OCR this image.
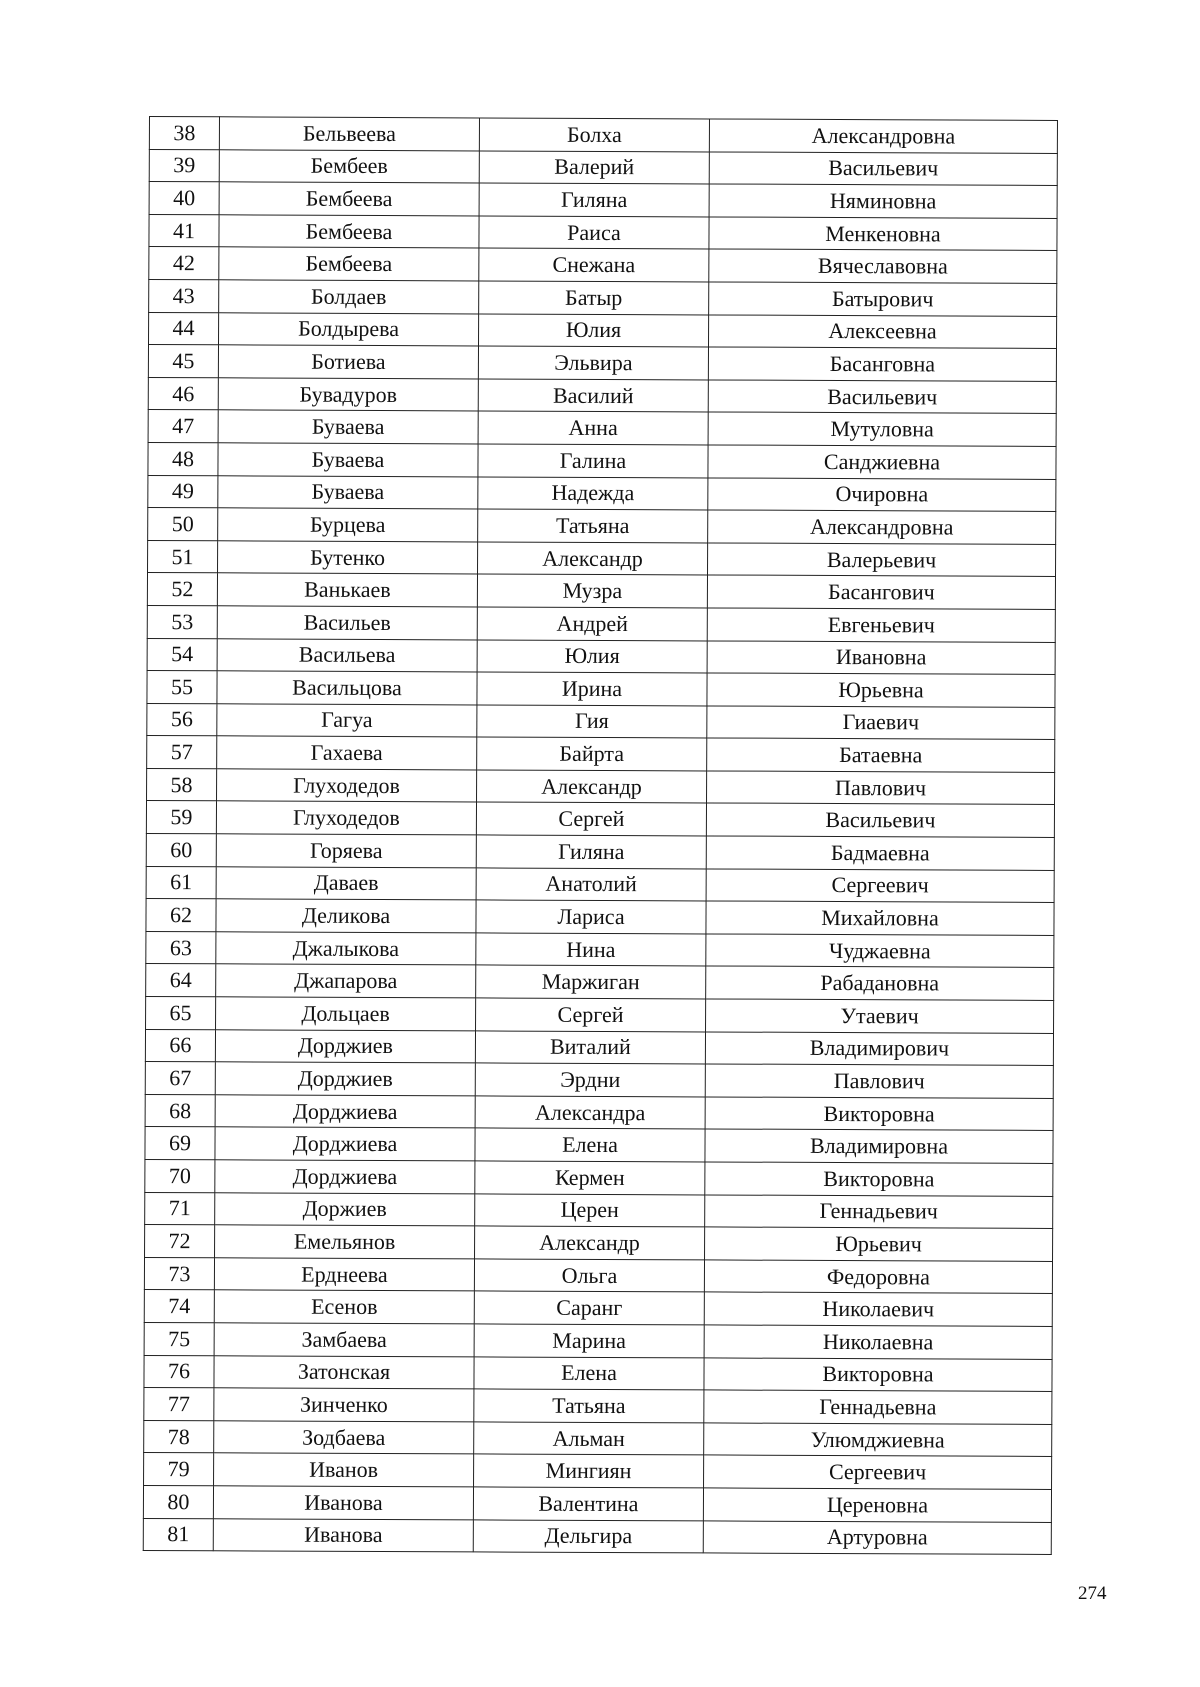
38	Бельвеева	Болха	Александровна
39	Бембеев	Валерий	Васильевич
40	Бембеева	Гиляна	Няминовна
41	Бембеева	Раиса	Менкеновна
42	Бембеева	Снежана	Вячеславовна
43	Болдаев	Батыр	Батырович
44	Болдырева	Юлия	Алексеевна
45	Ботиева	Эльвира	Басанговна
46	Бувадуров	Василий	Васильевич
47	Буваева	Анна	Мутуловна
48	Буваева	Галина	Санджиевна
49	Буваева	Надежда	Очировна
50	Бурцева	Татьяна	Александровна
51	Бутенко	Александр	Валерьевич
52	Ванькаев	Музра	Басангович
53	Васильев	Андрей	Евгеньевич
54	Васильева	Юлия	Ивановна
55	Васильцова	Ирина	Юрьевна
56	Гагуа	Гия	Гиаевич
57	Гахаева	Байрта	Батаевна
58	Глуходедов	Александр	Павлович
59	Глуходедов	Сергей	Васильевич
60	Горяева	Гиляна	Бадмаевна
61	Даваев	Анатолий	Сергеевич
62	Деликова	Лариса	Михайловна
63	Джалыкова	Нина	Чуджаевна
64	Джапарова	Маржиган	Рабадановна
65	Дольцаев	Сергей	Утаевич
66	Дорджиев	Виталий	Владимирович
67	Дорджиев	Эрдни	Павлович
68	Дорджиева	Александра	Викторовна
69	Дорджиева	Елена	Владимировна
70	Дорджиева	Кермен	Викторовна
71	Доржиев	Церен	Геннадьевич
72	Емельянов	Александр	Юрьевич
73	Ерднеева	Ольга	Федоровна
74	Есенов	Саранг	Николаевич
75	Замбаева	Марина	Николаевна
76	Затонская	Елена	Викторовна
77	Зинченко	Татьяна	Геннадьевна
78	Зодбаева	Альман	Улюмджиевна
79	Иванов	Мингиян	Сергеевич
80	Иванова	Валентина	Цереновна
81	Иванова	Дельгира	Артуровна
274
